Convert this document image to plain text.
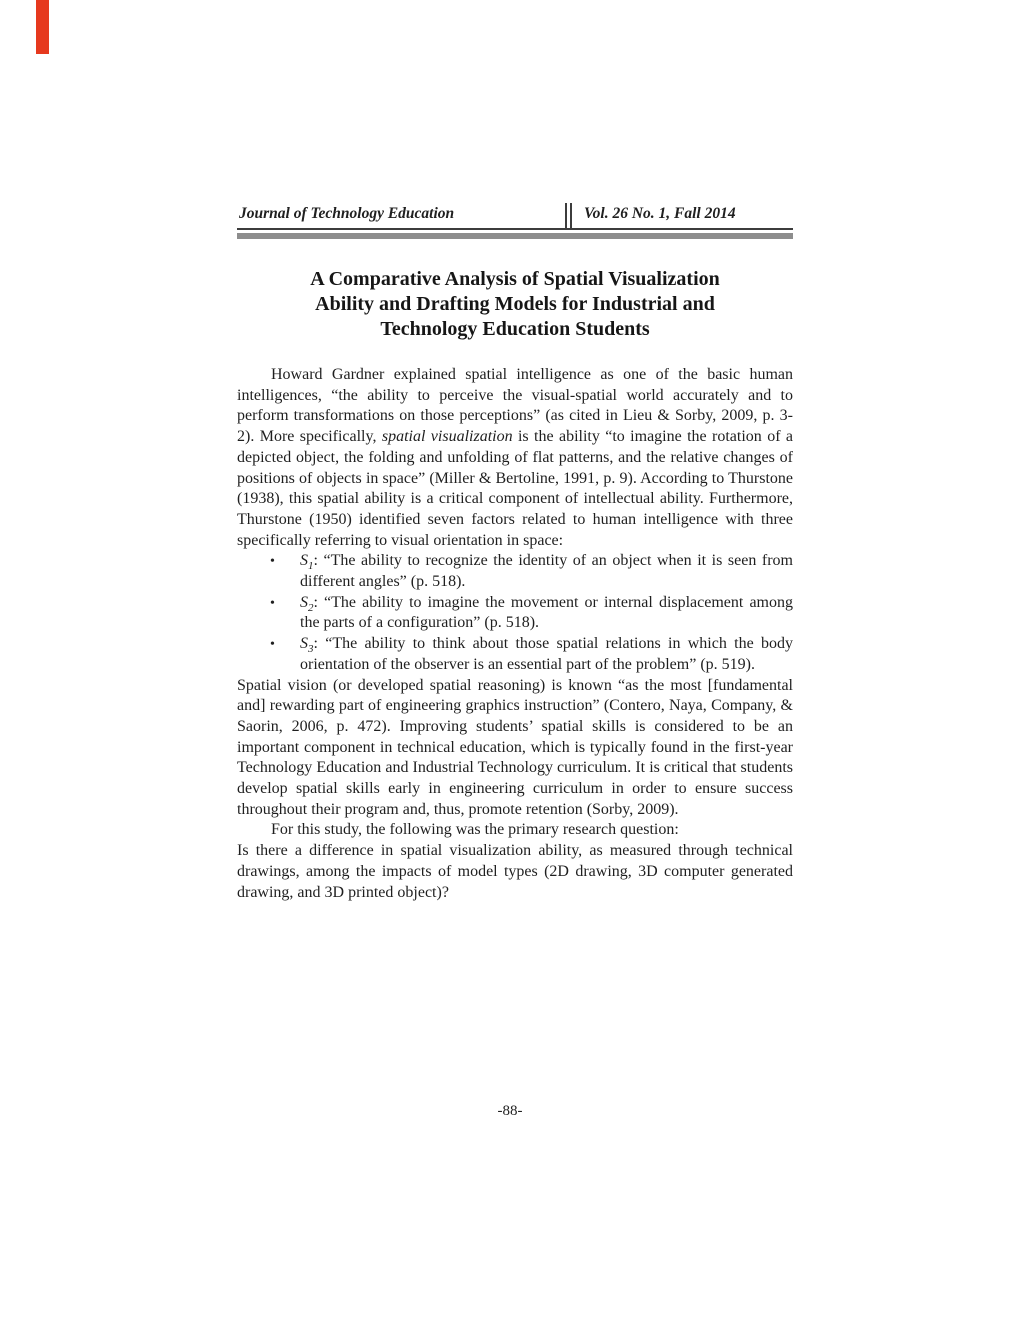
Journal of Technology Education	Vol. 26 No. 1, Fall 2014
A Comparative Analysis of Spatial Visualization
Ability and Drafting Models for Industrial and
Technology Education Students

Howard Gardner explained spatial intelligence as one of the basic human intelligences, “the ability to perceive the visual-spatial world accurately and to perform transformations on those perceptions” (as cited in Lieu & Sorby, 2009, p. 3-2). More specifically, spatial visualization is the ability “to imagine the rotation of a depicted object, the folding and unfolding of flat patterns, and the relative changes of positions of objects in space” (Miller & Bertoline, 1991, p. 9). According to Thurstone (1938), this spatial ability is a critical component of intellectual ability. Furthermore, Thurstone (1950) identified seven factors related to human intelligence with three specifically referring to visual orientation in space:

•	$S_1$: “The ability to recognize the identity of an object when it is seen from different angles” (p. 518).
•	$S_2$: “The ability to imagine the movement or internal displacement among the parts of a configuration” (p. 518).
•	$S_3$: “The ability to think about those spatial relations in which the body orientation of the observer is an essential part of the problem” (p. 519).

Spatial vision (or developed spatial reasoning) is known “as the most [fundamental and] rewarding part of engineering graphics instruction” (Contero, Naya, Company, & Saorin, 2006, p. 472). Improving students’ spatial skills is considered to be an important component in technical education, which is typically found in the first-year Technology Education and Industrial Technology curriculum. It is critical that students develop spatial skills early in engineering curriculum in order to ensure success throughout their program and, thus, promote retention (Sorby, 2009).

For this study, the following was the primary research question:

Is there a difference in spatial visualization ability, as measured through technical drawings, among the impacts of model types (2D drawing, 3D computer generated drawing, and 3D printed object)?

-88-
